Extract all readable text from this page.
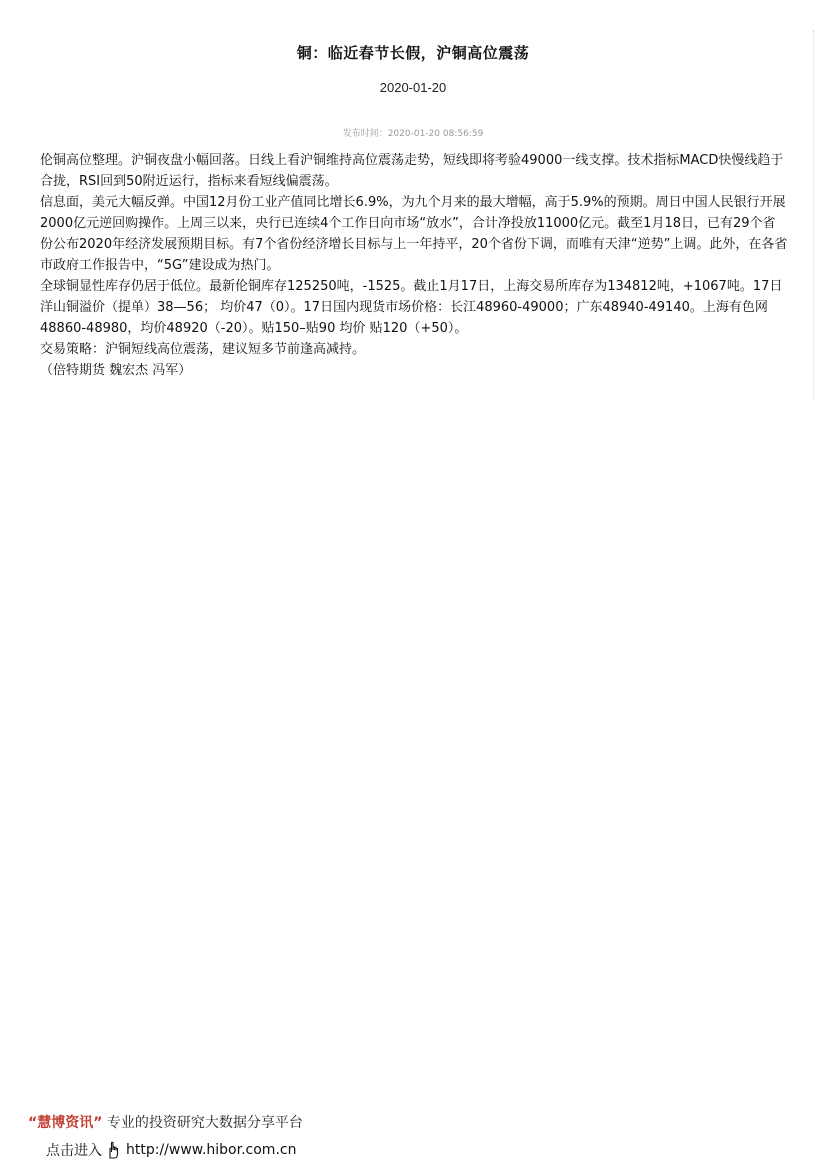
铜：临近春节长假，沪铜高位震荡
2020-01-20
发布时间：2020-01-20 08:56:59

伦铜高位整理。沪铜夜盘小幅回落。日线上看沪铜维持高位震荡走势，短线即将考验49000一线支撑。技术指标MACD快慢线趋于合拢，RSI回到50附近运行，指标来看短线偏震荡。

信息面，美元大幅反弹。中国12月份工业产值同比增长6.9%，为九个月来的最大增幅，高于5.9%的预期。周日中国人民银行开展2000亿元逆回购操作。上周三以来，央行已连续4个工作日向市场“放水”，合计净投放11000亿元。截至1月18日，已有29个省份公布2020年经济发展预期目标。有7个省份经济增长目标与上一年持平，20个省份下调，而唯有天津“逆势”上调。此外，在各省市政府工作报告中，“5G”建设成为热门。

全球铜显性库存仍居于低位。最新伦铜库存125250吨，-1525。截止1月17日，上海交易所库存为134812吨，+1067吨。17日洋山铜溢价（提单）38—56； 均价47（0）。17日国内现货市场价格：长江48960-49000；广东48940-49140。上海有色网48860-48980，均价48920（-20）。贴150–贴90 均价 贴120（+50）。

交易策略：沪铜短线高位震荡，建议短多节前逢高减持。

（倍特期货 魏宏杰 冯军）

“慧博资讯” 专业的投资研究大数据分享平台
点击进入 http://www.hibor.com.cn
